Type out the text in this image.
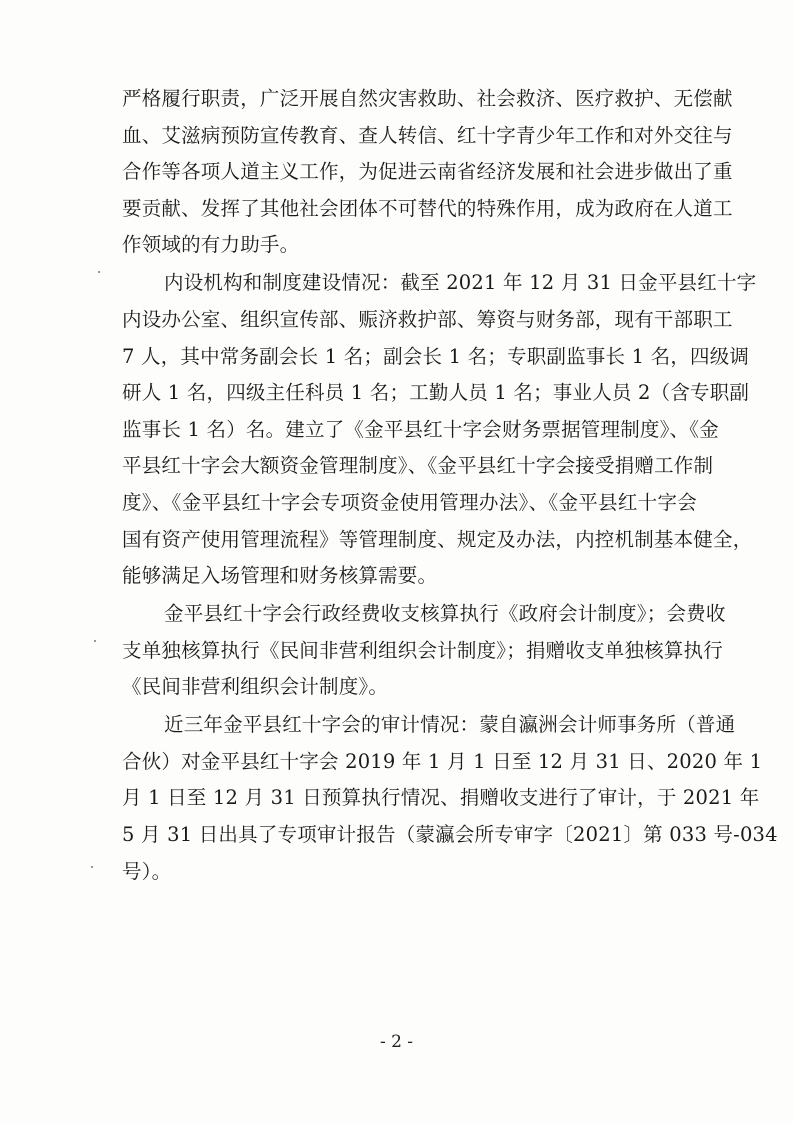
严格履行职责，广泛开展自然灾害救助、社会救济、医疗救护、无偿献
血、艾滋病预防宣传教育、查人转信、红十字青少年工作和对外交往与
合作等各项人道主义工作，为促进云南省经济发展和社会进步做出了重
要贡献、发挥了其他社会团体不可替代的特殊作用，成为政府在人道工
作领域的有力助手。
内设机构和制度建设情况：截至 2021 年 12 月 31 日金平县红十字
内设办公室、组织宣传部、赈济救护部、筹资与财务部，现有干部职工
7 人，其中常务副会长 1 名；副会长 1 名；专职副监事长 1 名，四级调
研人 1 名，四级主任科员 1 名；工勤人员 1 名；事业人员 2（含专职副
监事长 1 名）名。建立了《金平县红十字会财务票据管理制度》、《金
平县红十字会大额资金管理制度》、《金平县红十字会接受捐赠工作制
度》、《金平县红十字会专项资金使用管理办法》、《金平县红十字会
国有资产使用管理流程》等管理制度、规定及办法，内控机制基本健全，
能够满足入场管理和财务核算需要。
金平县红十字会行政经费收支核算执行《政府会计制度》；会费收
支单独核算执行《民间非营利组织会计制度》；捐赠收支单独核算执行
《民间非营利组织会计制度》。
近三年金平县红十字会的审计情况：蒙自瀛洲会计师事务所（普通
合伙）对金平县红十字会 2019 年 1 月 1 日至 12 月 31 日、2020 年 1
月 1 日至 12 月 31 日预算执行情况、捐赠收支进行了审计，于 2021 年
5 月 31 日出具了专项审计报告（蒙瀛会所专审字〔2021〕第 033 号-034
号）。
- 2 -
